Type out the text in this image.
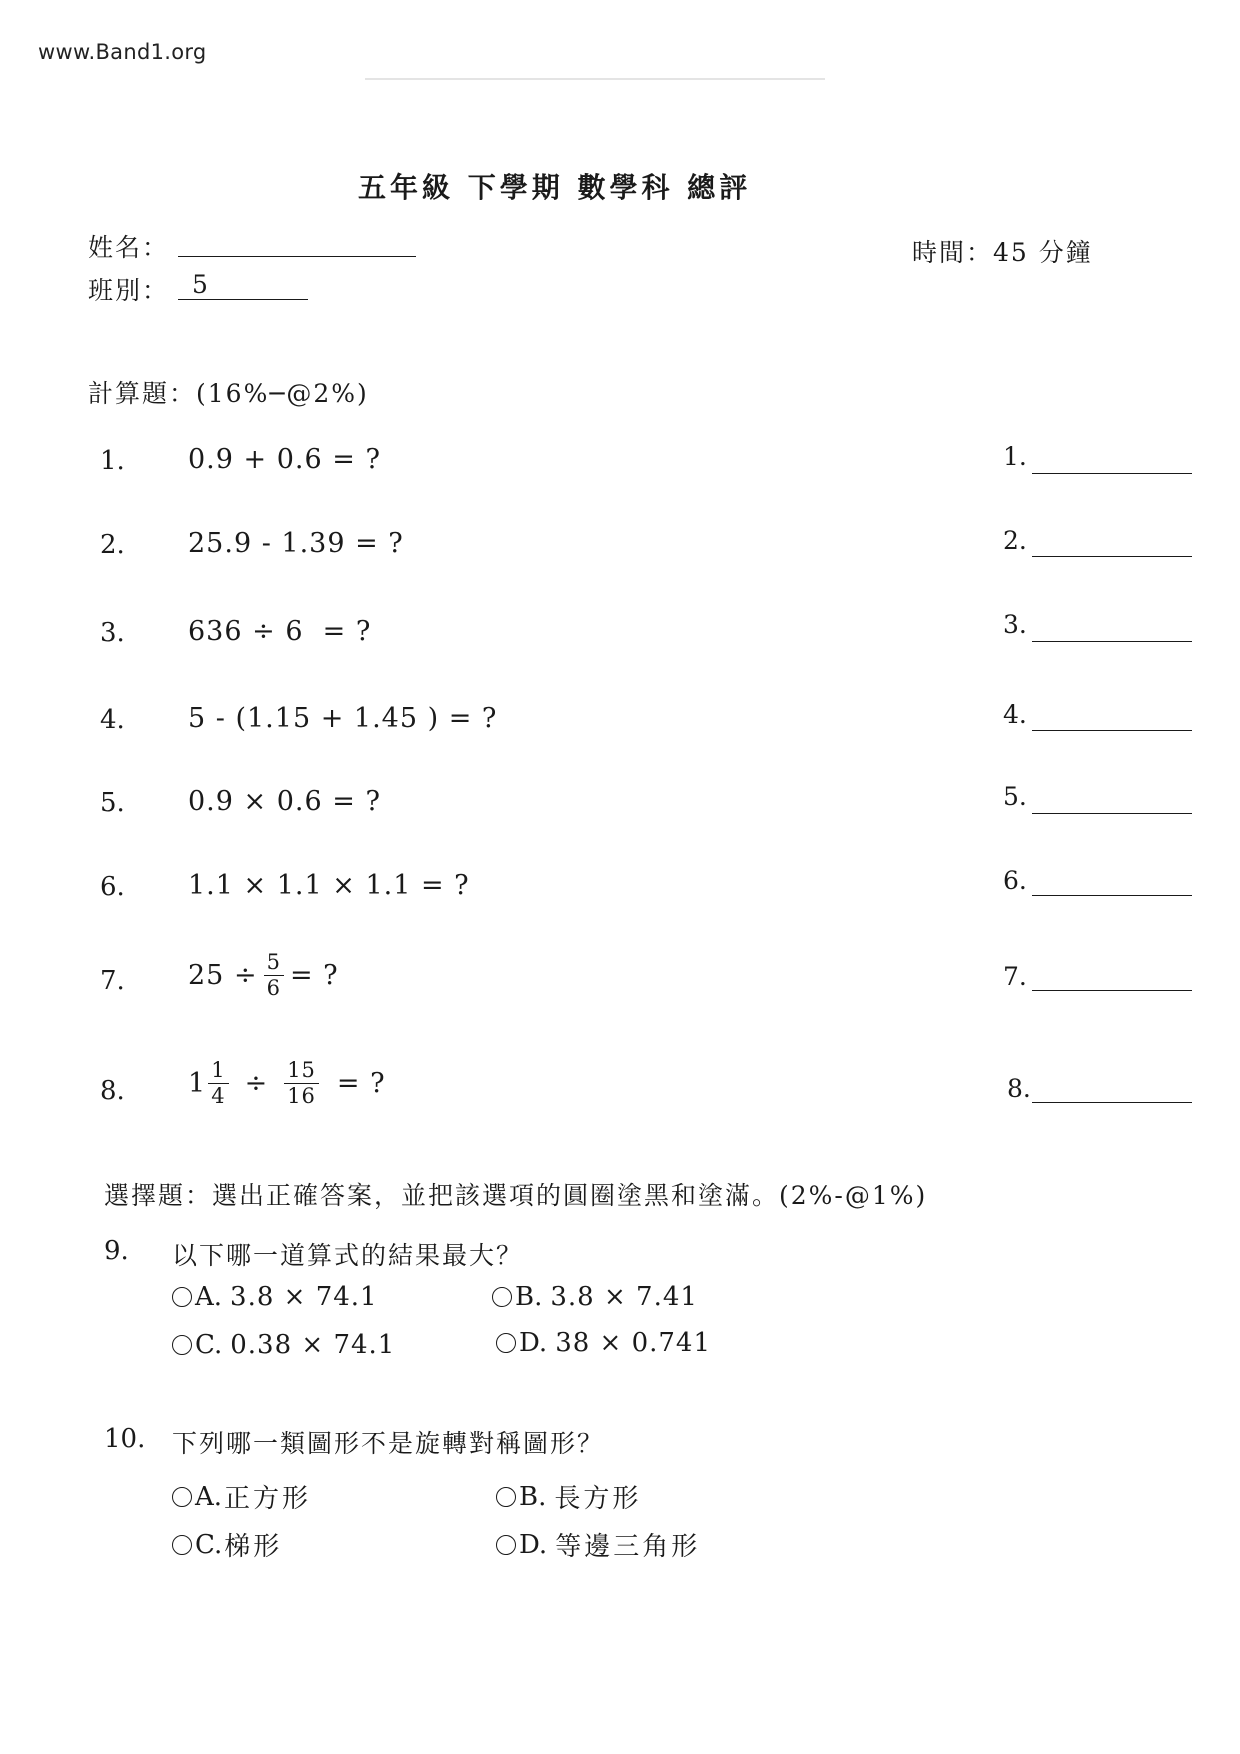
www.Band1.org
五年級 下學期 數學科 總評
姓名：
班別： 5
時間：45 分鐘
計算題：(16%─@2%)
1.	0.9 + 0.6 = ?	1.
2.	25.9 - 1.39 = ?	2.
3.	636 ÷ 6  = ?	3.
4.	5 - (1.15 + 1.45 ) = ?	4.
5.	0.9 × 0.6 = ?	5.
6.	1.1 × 1.1 × 1.1 = ?	6.
7.	$25 \div \frac{5}{6}$ = ?	7.
8.	$1 \frac{1}{4} \div \frac{15}{16}$ = ?	8.
選擇題：選出正確答案，並把該選項的圓圈塗黑和塗滿。(2%-@1%)
9. 以下哪一道算式的結果最大？
A. 3.8 × 74.1	B. 3.8 × 7.41
C. 0.38 × 74.1	D. 38 × 0.741
10. 下列哪一類圖形不是旋轉對稱圖形？
A. 正方形	B. 長方形
C. 梯形	D. 等邊三角形
